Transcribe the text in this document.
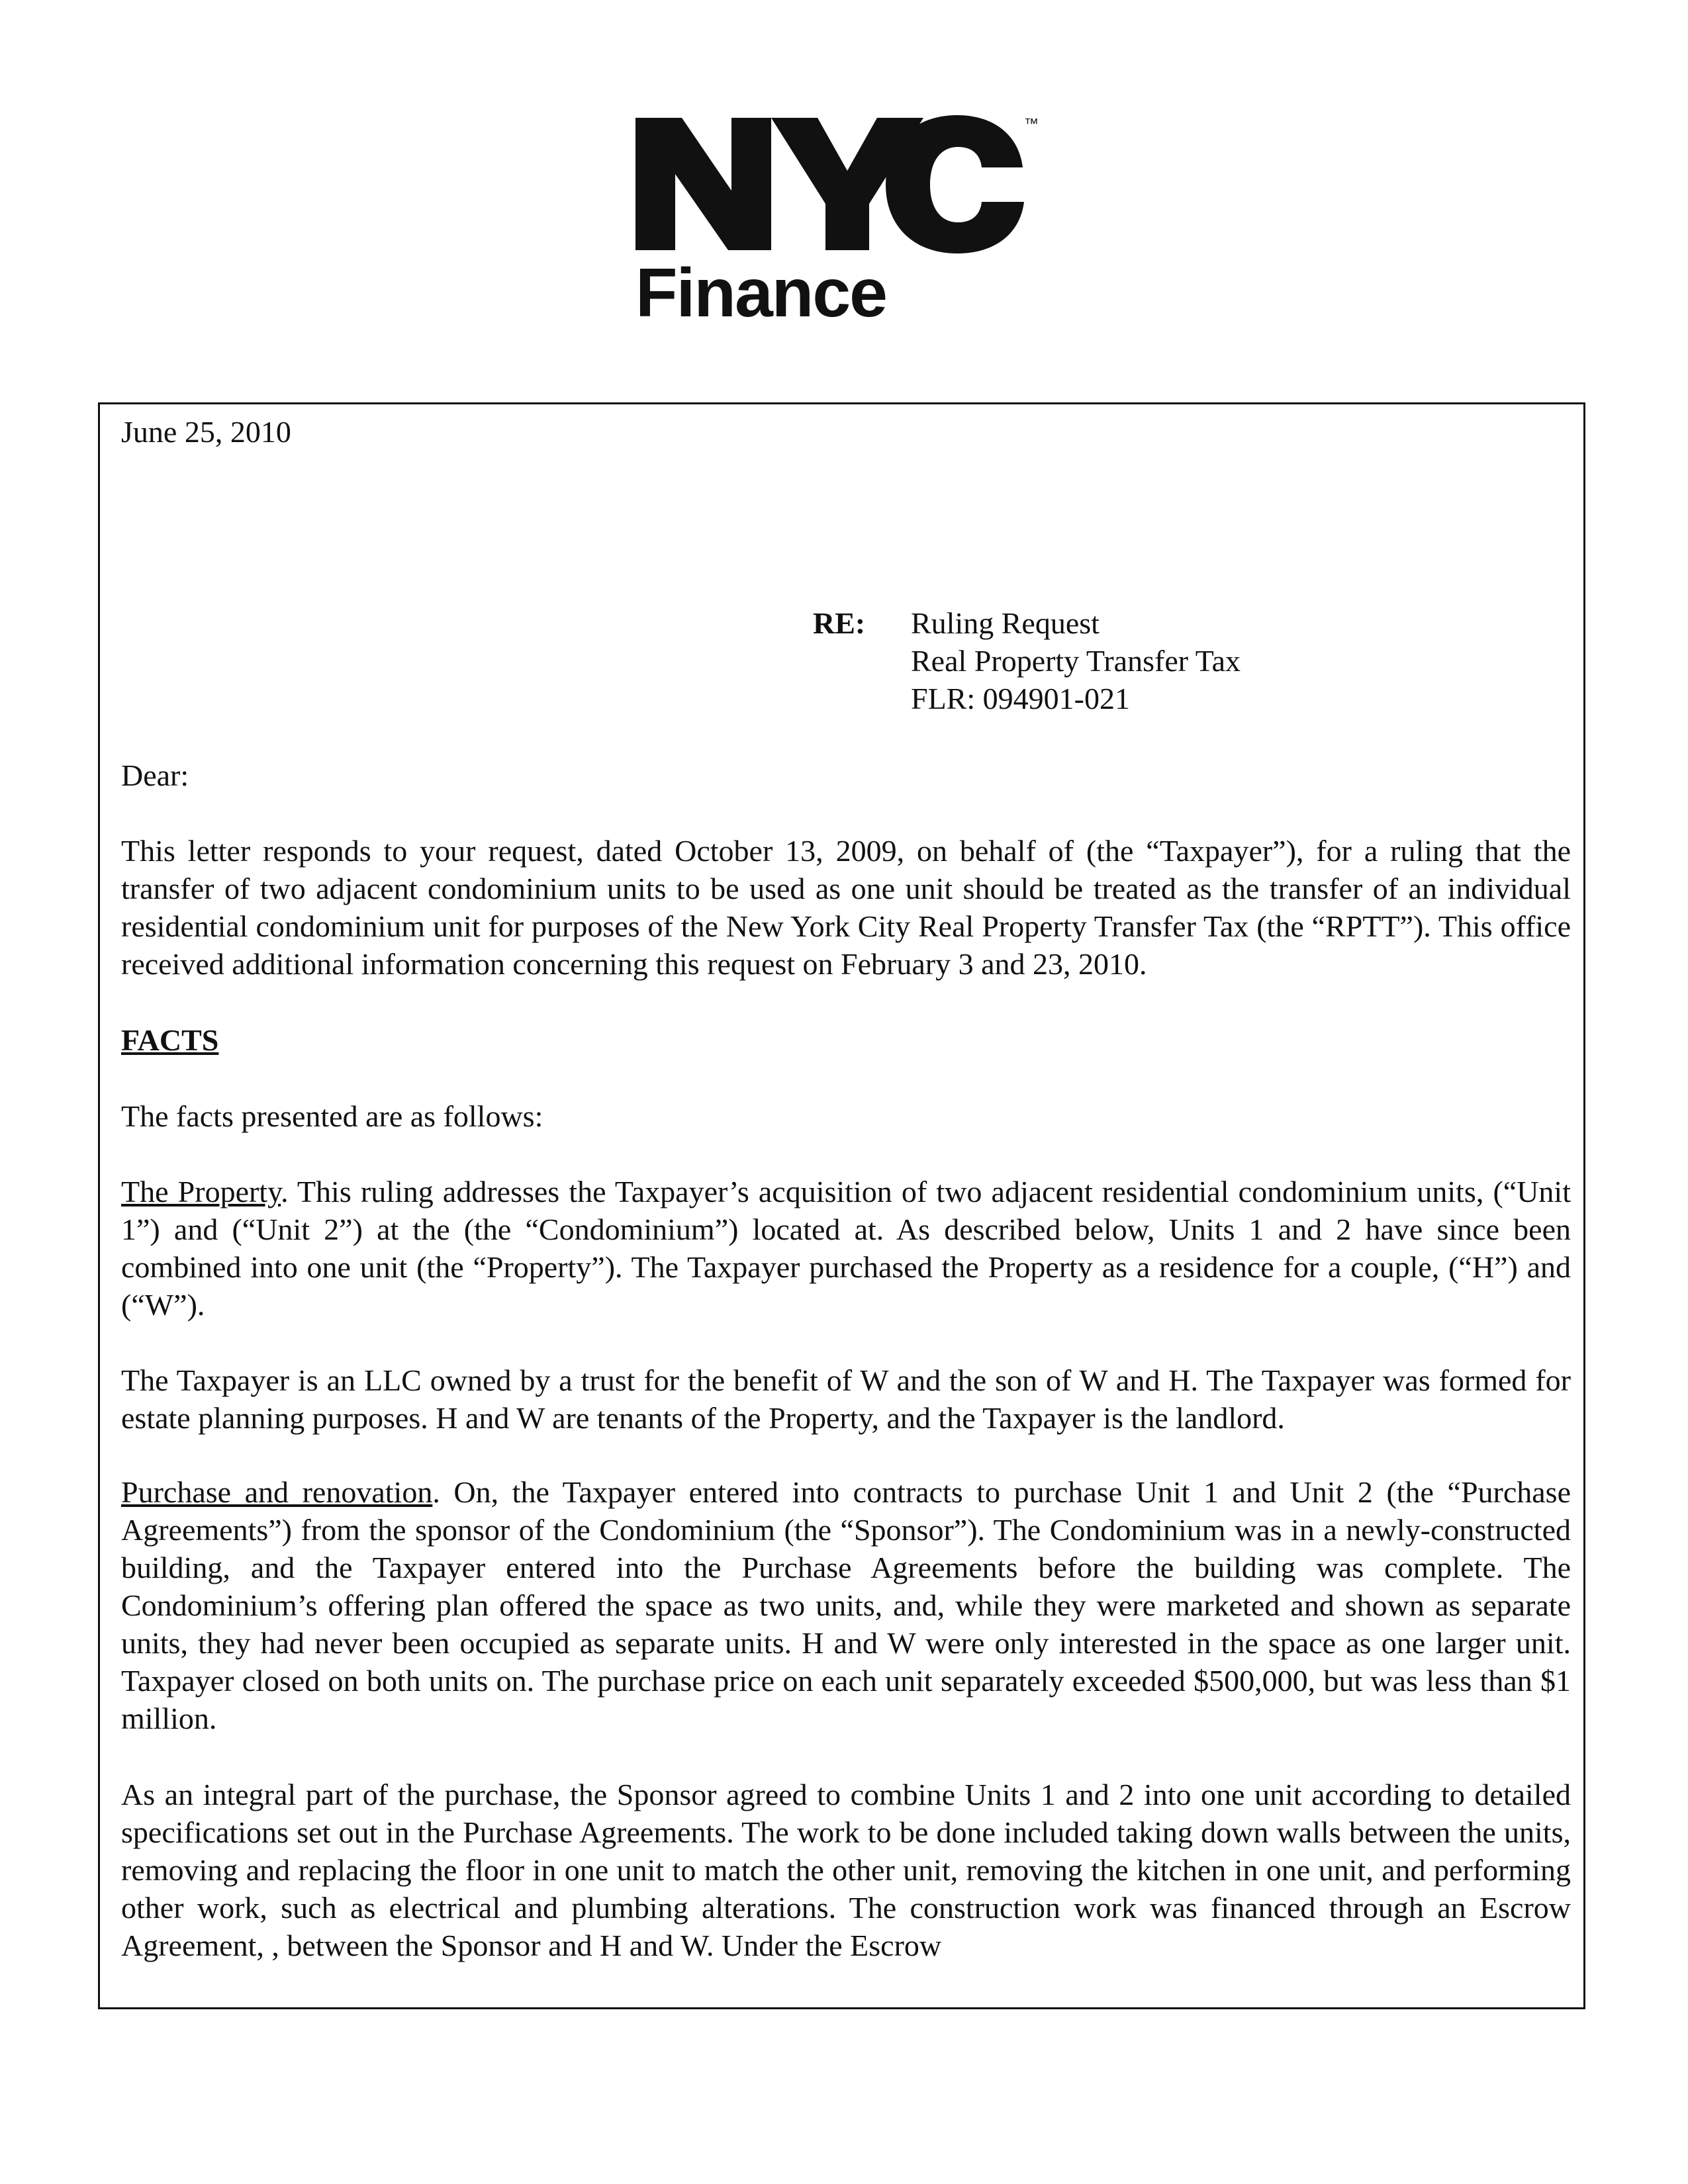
™
Finance
June 25, 2010
RE: Ruling Request
Real Property Transfer Tax
FLR: 094901-021
Dear:
This letter responds to your request, dated October 13, 2009, on behalf of (the “Taxpayer”), for a ruling that the transfer of two adjacent condominium units to be used as one unit should be treated as the transfer of an individual residential condominium unit for purposes of the New York City Real Property Transfer Tax (the “RPTT”). This office received additional information concerning this request on February 3 and 23, 2010.
FACTS
The facts presented are as follows:
The Property. This ruling addresses the Taxpayer’s acquisition of two adjacent residential condominium units, (“Unit 1”) and (“Unit 2”) at the (the “Condominium”) located at. As described below, Units 1 and 2 have since been combined into one unit (the “Property”). The Taxpayer purchased the Property as a residence for a couple, (“H”) and (“W”).
The Taxpayer is an LLC owned by a trust for the benefit of W and the son of W and H. The Taxpayer was formed for estate planning purposes. H and W are tenants of the Property, and the Taxpayer is the landlord.
Purchase and renovation. On, the Taxpayer entered into contracts to purchase Unit 1 and Unit 2 (the “Purchase Agreements”) from the sponsor of the Condominium (the “Sponsor”). The Condominium was in a newly-constructed building, and the Taxpayer entered into the Purchase Agreements before the building was complete. The Condominium’s offering plan offered the space as two units, and, while they were marketed and shown as separate units, they had never been occupied as separate units. H and W were only interested in the space as one larger unit. Taxpayer closed on both units on. The purchase price on each unit separately exceeded $500,000, but was less than $1 million.
As an integral part of the purchase, the Sponsor agreed to combine Units 1 and 2 into one unit according to detailed specifications set out in the Purchase Agreements. The work to be done included taking down walls between the units, removing and replacing the floor in one unit to match the other unit, removing the kitchen in one unit, and performing other work, such as electrical and plumbing alterations. The construction work was financed through an Escrow Agreement, , between the Sponsor and H and W. Under the Escrow
